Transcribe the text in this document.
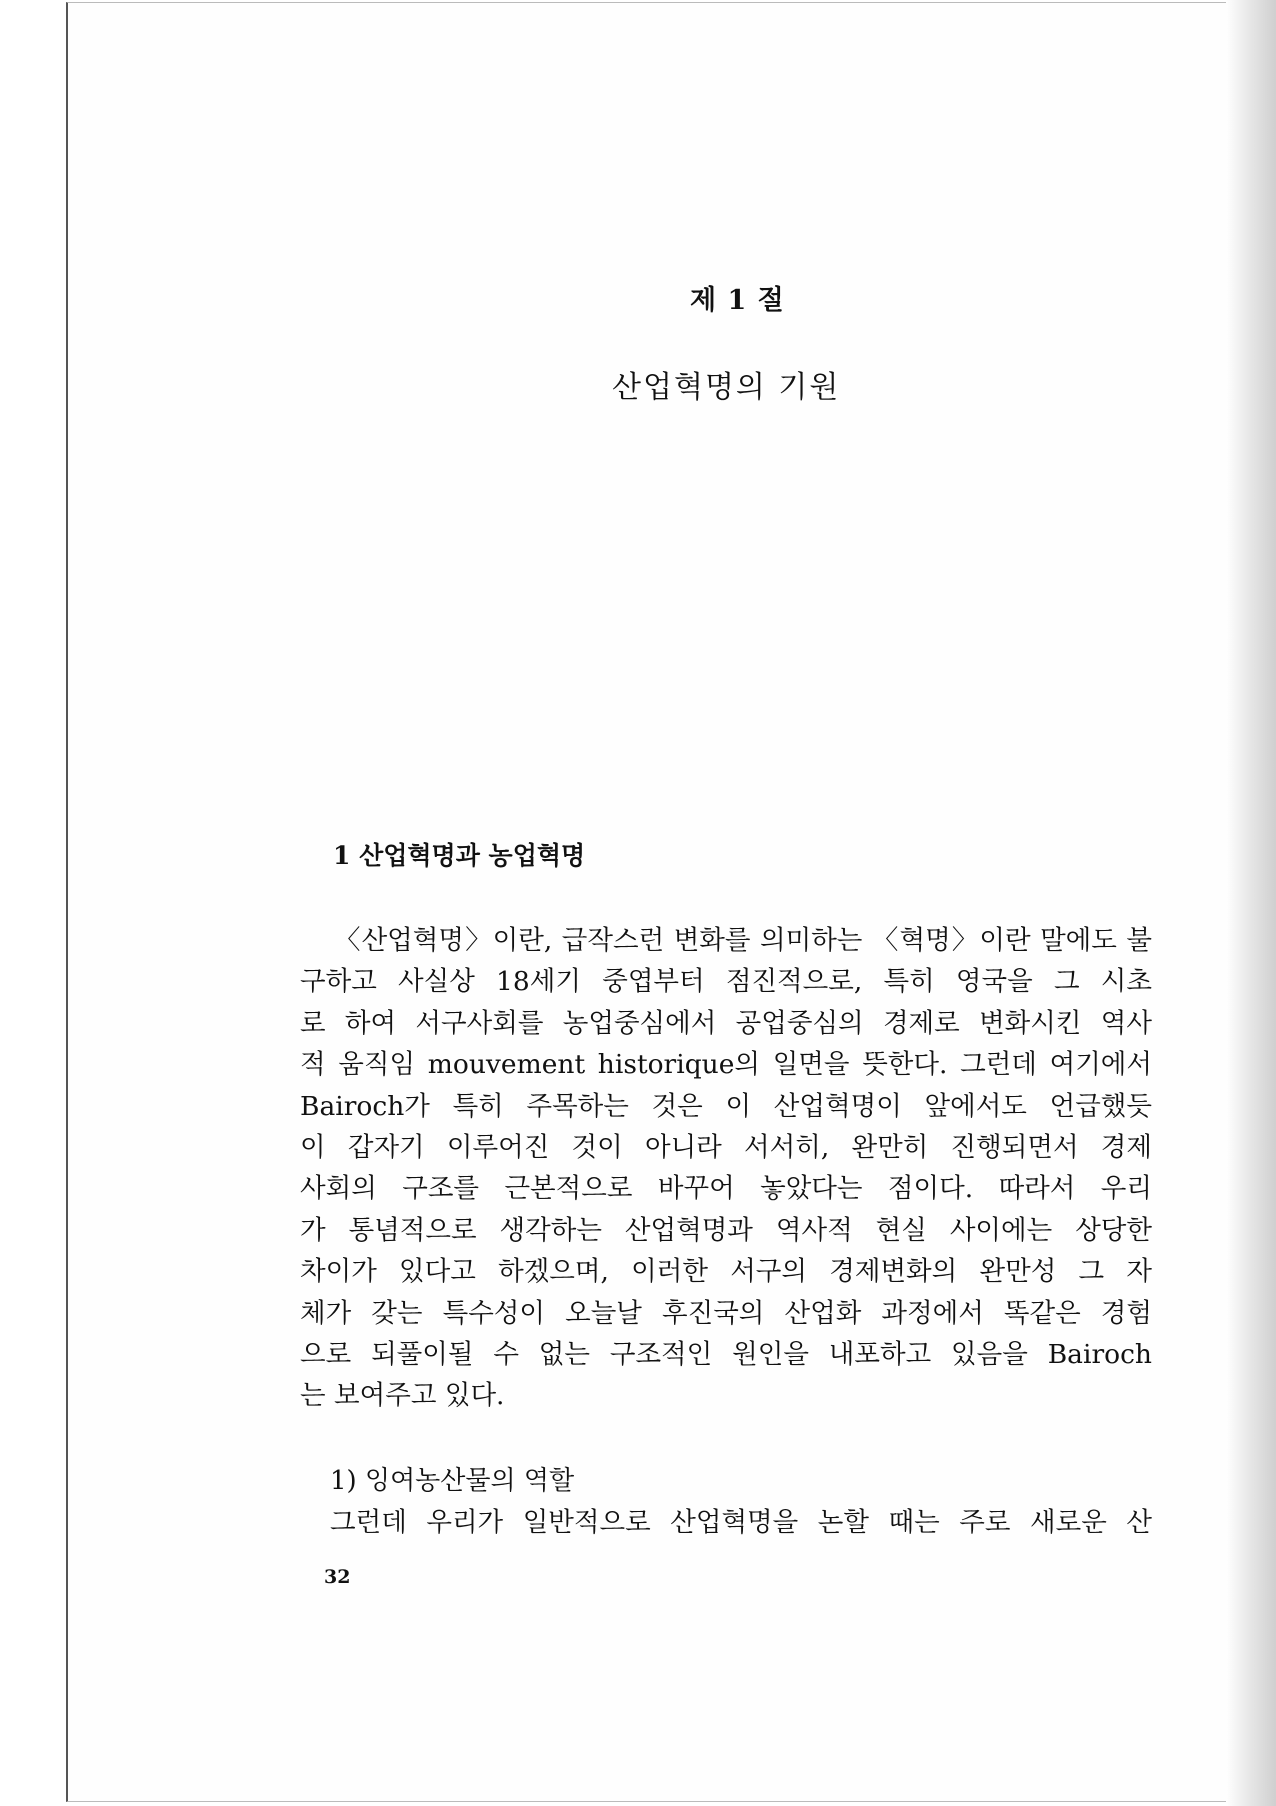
제 1 절
산업혁명의 기원
1 산업혁명과 농업혁명
〈산업혁명〉이란, 급작스런 변화를 의미하는 〈혁명〉이란 말에도 불
구하고 사실상 18세기 중엽부터 점진적으로, 특히 영국을 그 시초
로 하여 서구사회를 농업중심에서 공업중심의 경제로 변화시킨 역사
적 움직임 mouvement historique의 일면을 뜻한다. 그런데 여기에서
Bairoch가 특히 주목하는 것은 이 산업혁명이 앞에서도 언급했듯
이 갑자기 이루어진 것이 아니라 서서히, 완만히 진행되면서 경제
사회의 구조를 근본적으로 바꾸어 놓았다는 점이다. 따라서 우리
가 통념적으로 생각하는 산업혁명과 역사적 현실 사이에는 상당한
차이가 있다고 하겠으며, 이러한 서구의 경제변화의 완만성 그 자
체가 갖는 특수성이 오늘날 후진국의 산업화 과정에서 똑같은 경험
으로 되풀이될 수 없는 구조적인 원인을 내포하고 있음을 Bairoch
는 보여주고 있다.
1) 잉여농산물의 역할
그런데 우리가 일반적으로 산업혁명을 논할 때는 주로 새로운 산
32
